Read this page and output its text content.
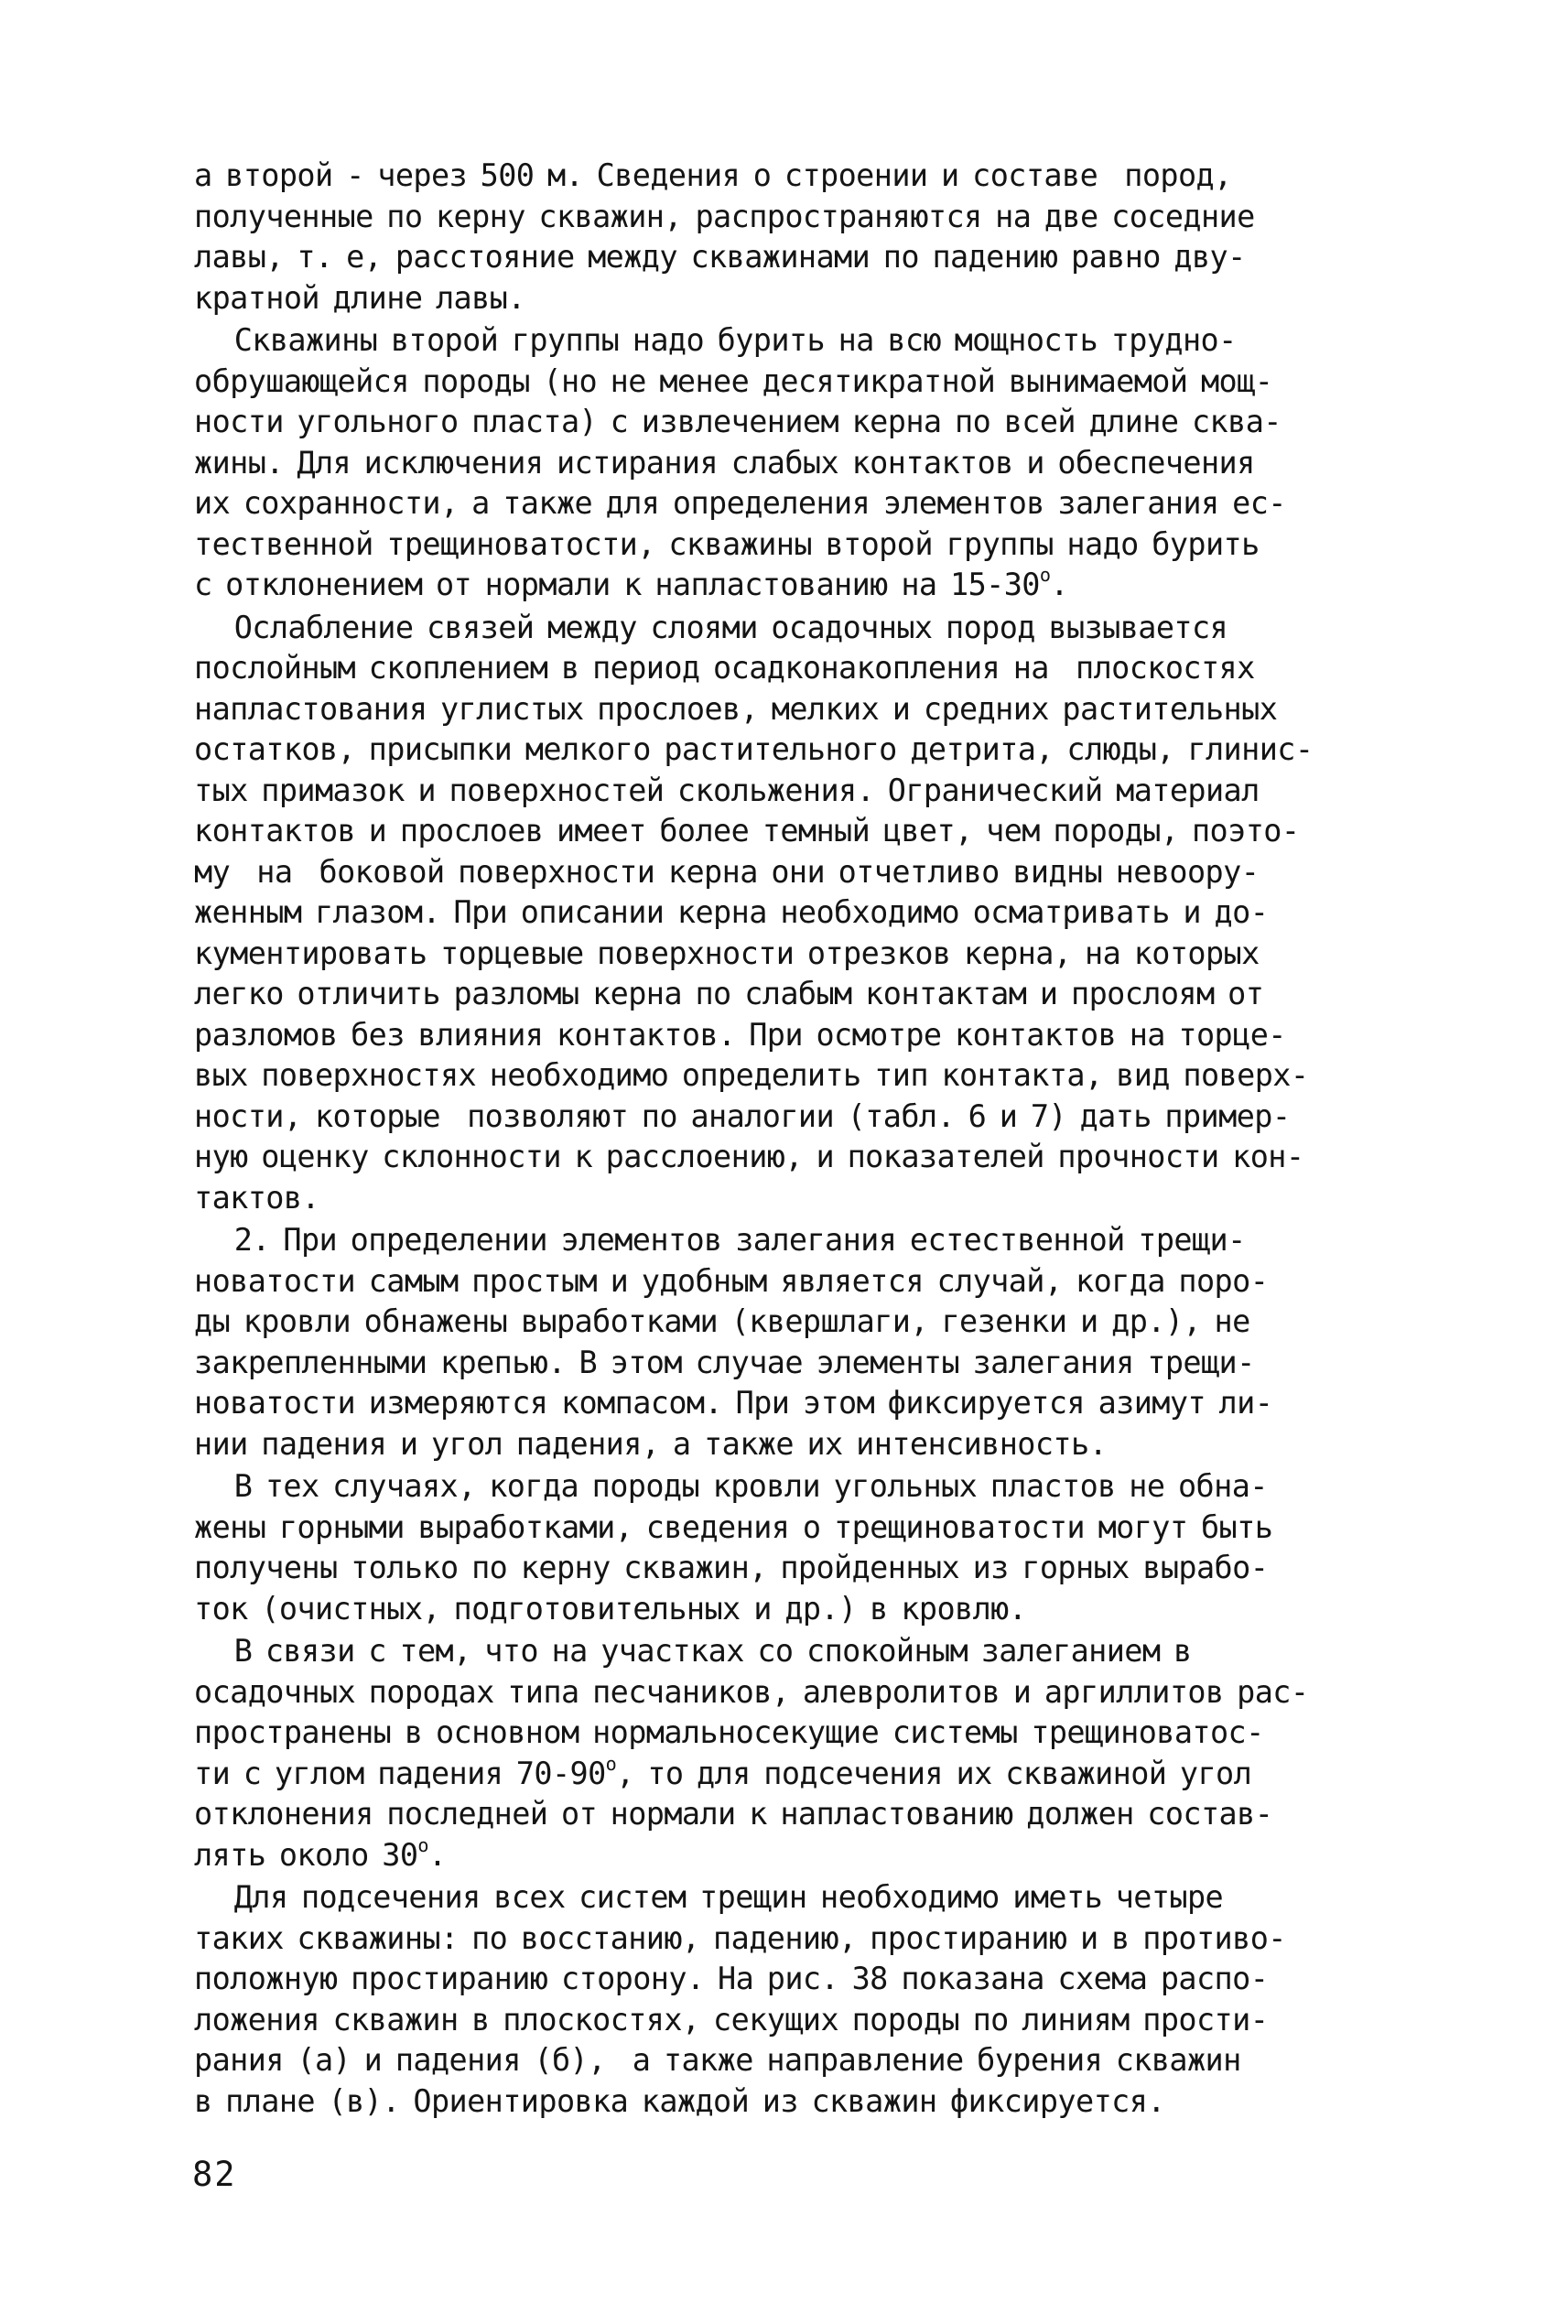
а второй - через 500 м. Сведения о строении и составе  пород,
полученные по керну скважин, распространяются на две соседние
лавы, т. е, расстояние между скважинами по падению равно дву-
кратной длине лавы.
Скважины второй группы надо бурить на всю мощность трудно-
обрушающейся породы (но не менее десятикратной вынимаемой мощ-
ности угольного пласта) с извлечением керна по всей длине сква-
жины. Для исключения истирания слабых контактов и обеспечения
их сохранности, а также для определения элементов залегания ес-
тественной трещиноватости, скважины второй группы надо бурить
с отклонением от нормали к напластованию на 15-30$^o$.
Ослабление связей между слоями осадочных пород вызывается
послойным скоплением в период осадконакопления на  плоскостях
напластования углистых прослоев, мелких и средних растительных
остатков, присыпки мелкого растительного детрита, слюды, глинис-
тых примазок и поверхностей скольжения. Огранический материал
контактов и прослоев имеет более темный цвет, чем породы, поэто-
му  на  боковой поверхности керна они отчетливо видны невоору-
женным глазом. При описании керна необходимо осматривать и до-
кументировать торцевые поверхности отрезков керна, на которых
легко отличить разломы керна по слабым контактам и прослоям от
разломов без влияния контактов. При осмотре контактов на торце-
вых поверхностях необходимо определить тип контакта, вид поверх-
ности, которые  позволяют по аналогии (табл. 6 и 7) дать пример-
ную оценку склонности к расслоению, и показателей прочности кон-
тактов.
2. При определении элементов залегания естественной трещи-
новатости самым простым и удобным является случай, когда поро-
ды кровли обнажены выработками (квершлаги, гезенки и др.), не
закрепленными крепью. В этом случае элементы залегания трещи-
новатости измеряются компасом. При этом фиксируется азимут ли-
нии падения и угол падения, а также их интенсивность.
В тех случаях, когда породы кровли угольных пластов не обна-
жены горными выработками, сведения о трещиноватости могут быть
получены только по керну скважин, пройденных из горных вырабо-
ток (очистных, подготовительных и др.) в кровлю.
В связи с тем, что на участках со спокойным залеганием в
осадочных породах типа песчаников, алевролитов и аргиллитов рас-
пространены в основном нормальносекущие системы трещиноватос-
ти с углом падения 70-90$^o$, то для подсечения их скважиной угол
отклонения последней от нормали к напластованию должен состав-
лять около 30$^o$.
Для подсечения всех систем трещин необходимо иметь четыре
таких скважины: по восстанию, падению, простиранию и в противо-
положную простиранию сторону. На рис. 38 показана схема распо-
ложения скважин в плоскостях, секущих породы по линиям прости-
рания (а) и падения (б),  а также направление бурения скважин
в плане (в). Ориентировка каждой из скважин фиксируется.
82
